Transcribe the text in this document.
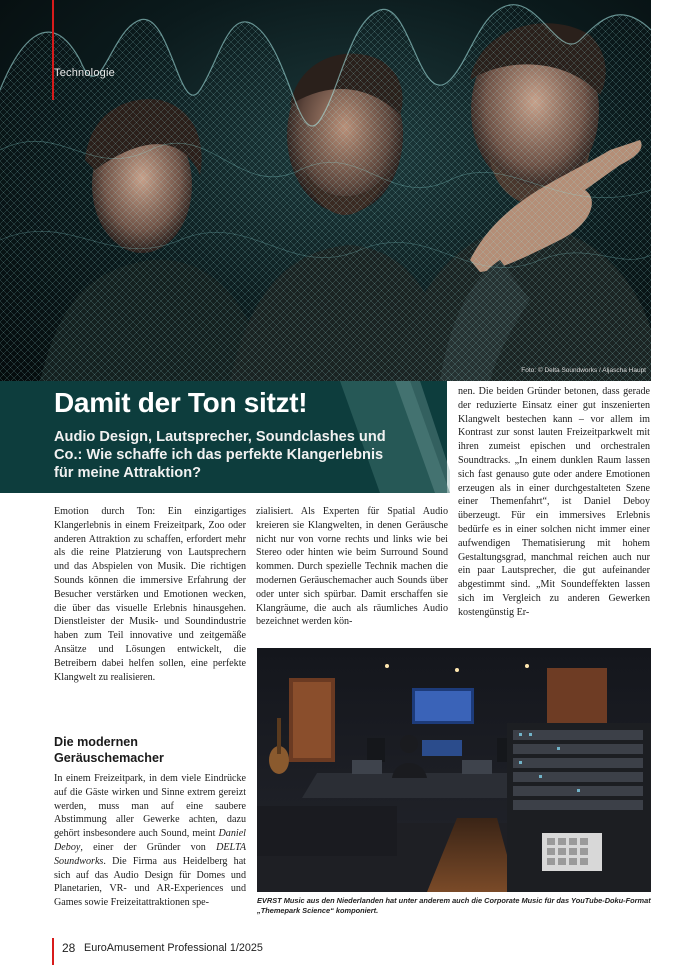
Technologie
Foto: © Delta Soundworks / Aljascha Haupt
Damit der Ton sitzt!
Audio Design, Lautsprecher, Soundclashes und Co.: Wie schaffe ich das perfekte Klangerlebnis für meine Attraktion?

Emotion durch Ton: Ein einzigartiges Klangerlebnis in einem Freizeitpark, Zoo oder anderen Attraktion zu schaffen, erfordert mehr als die reine Platzierung von Lautsprechern und das Abspielen von Musik. Die richtigen Sounds können die immersive Erfahrung der Besucher verstärken und Emotionen wecken, die über das visuelle Erlebnis hinausgehen. Dienstleister der Musik- und Soundindustrie haben zum Teil innovative und zeitgemäße Ansätze und Lösungen entwickelt, die Betreibern dabei helfen sollen, eine perfekte Klangwelt zu realisieren.

Die modernen Geräuschemacher

In einem Freizeitpark, in dem viele Eindrücke auf die Gäste wirken und Sinne extrem gereizt werden, muss man auf eine saubere Abstimmung aller Gewerke achten, dazu gehört insbesondere auch Sound, meint Daniel Deboy, einer der Gründer von DELTA Soundworks. Die Firma aus Heidelberg hat sich auf das Audio Design für Domes und Planetarien, VR- und AR-Experiences und Games sowie Freizeitattraktionen spe-

zialisiert. Als Experten für Spatial Audio kreieren sie Klangwelten, in denen Geräusche nicht nur von vorne rechts und links wie bei Stereo oder hinten wie beim Surround Sound kommen. Durch spezielle Technik machen die modernen Geräuschemacher auch Sounds über oder unter sich spürbar. Damit erschaffen sie Klangräume, die auch als räumliches Audio bezeichnet werden kön-

nen. Die beiden Gründer betonen, dass gerade der reduzierte Einsatz einer gut inszenierten Klangwelt bestechen kann – vor allem im Kontrast zur sonst lauten Freizeitparkwelt mit ihren zumeist epischen und orchestralen Soundtracks. „In einem dunklen Raum lassen sich fast genauso gute oder andere Emotionen erzeugen als in einer durchgestalteten Szene einer Themenfahrt“, ist Daniel Deboy überzeugt. Für ein immersives Erlebnis bedürfe es in einer solchen nicht immer einer aufwendigen Thematisierung mit hohem Gestaltungsgrad, manchmal reichen auch nur ein paar Lautsprecher, die gut aufeinander abgestimmt sind. „Mit Soundeffekten lassen sich im Vergleich zu anderen Gewerken kostengünstig Er-

EVRST Music aus den Niederlanden hat unter anderem auch die Corporate Music für das YouTube-Doku-Format „Themepark Science“ komponiert.
28 EuroAmusement Professional 1/2025
